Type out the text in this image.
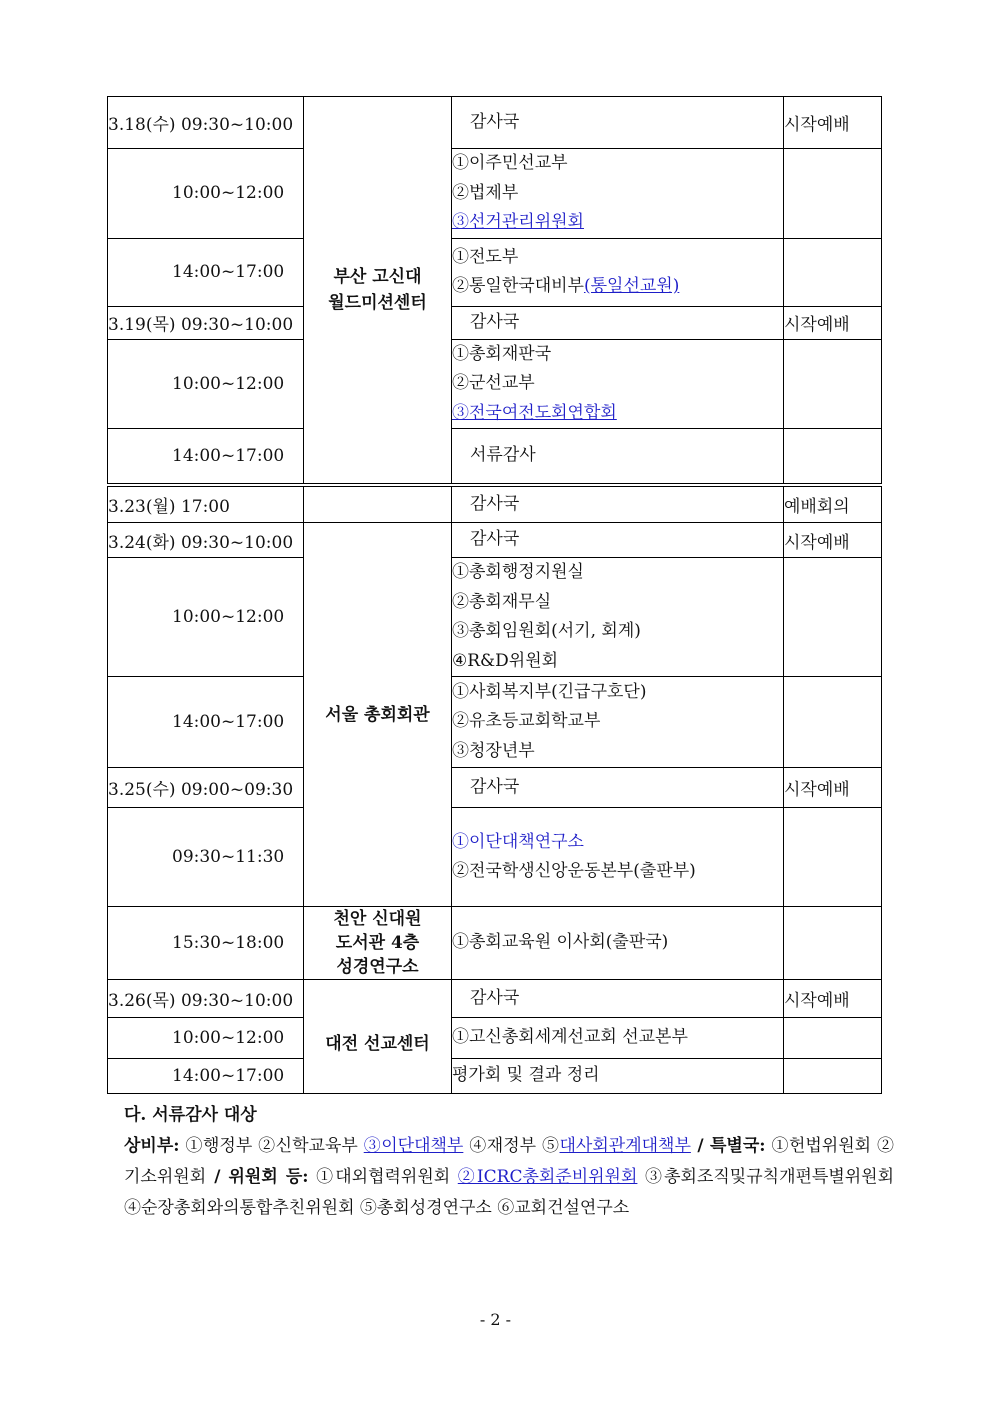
3.18(수) 09:30~10:00	부산 고신대
월드미션센터	감사국	시작예배

10:00~12:00		①이주민선교부
②법제부
③선거관리위원회	

14:00~17:00		①전도부
②통일한국대비부(통일선교원)	

3.19(목) 09:30~10:00		감사국	시작예배

10:00~12:00		①총회재판국
②군선교부
③전국여전도회연합회	

14:00~17:00		서류감사	

3.23(월) 17:00		감사국	예배회의

3.24(화) 09:30~10:00	서울 총회회관	감사국	시작예배

10:00~12:00		①총회행정지원실
②총회재무실
③총회임원회(서기, 회계)
④R&D위원회	

14:00~17:00		①사회복지부(긴급구호단)
②유초등교회학교부
③청장년부	

3.25(수) 09:00~09:30		감사국	시작예배

09:30~11:30		①이단대책연구소
②전국학생신앙운동본부(출판부)	

15:30~18:00	천안 신대원
도서관 4층
성경연구소	①총회교육원 이사회(출판국)	

3.26(목) 09:30~10:00	대전 선교센터	감사국	시작예배

10:00~12:00		①고신총회세계선교회 선교본부	

14:00~17:00		평가회 및 결과 정리	
다. 서류감사 대상

상비부: ①행정부 ②신학교육부 ③이단대책부 ④재정부 ⑤대사회관계대책부 / 특별국: ①헌법위원회 ②기소위원회 / 위원회 등: ①대외협력위원회 ②ICRC총회준비위원회 ③총회조직및규칙개편특별위원회 ④순장총회와의통합추친위원회 ⑤총회성경연구소 ⑥교회건설연구소

- 2 -
